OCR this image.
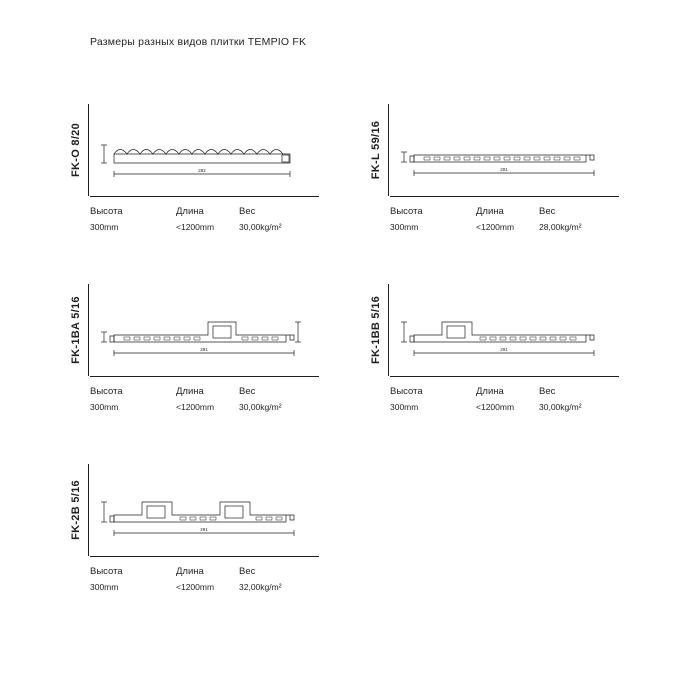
Размеры разных видов плитки TEMPIO FK
FK-O 8/20	292
Высота	Длина	Вес
300mm	<1200mm	30,00kg/m²
FK-L 59/16	291
Высота	Длина	Вес
300mm	<1200mm	28,00kg/m²
FK-1BA 5/16	291
Высота	Длина	Вес
300mm	<1200mm	30,00kg/m²
FK-1BB 5/16	291
Высота	Длина	Вес
300mm	<1200mm	30,00kg/m²
FK-2B 5/16	291
Высота	Длина	Вес
300mm	<1200mm	32,00kg/m²
